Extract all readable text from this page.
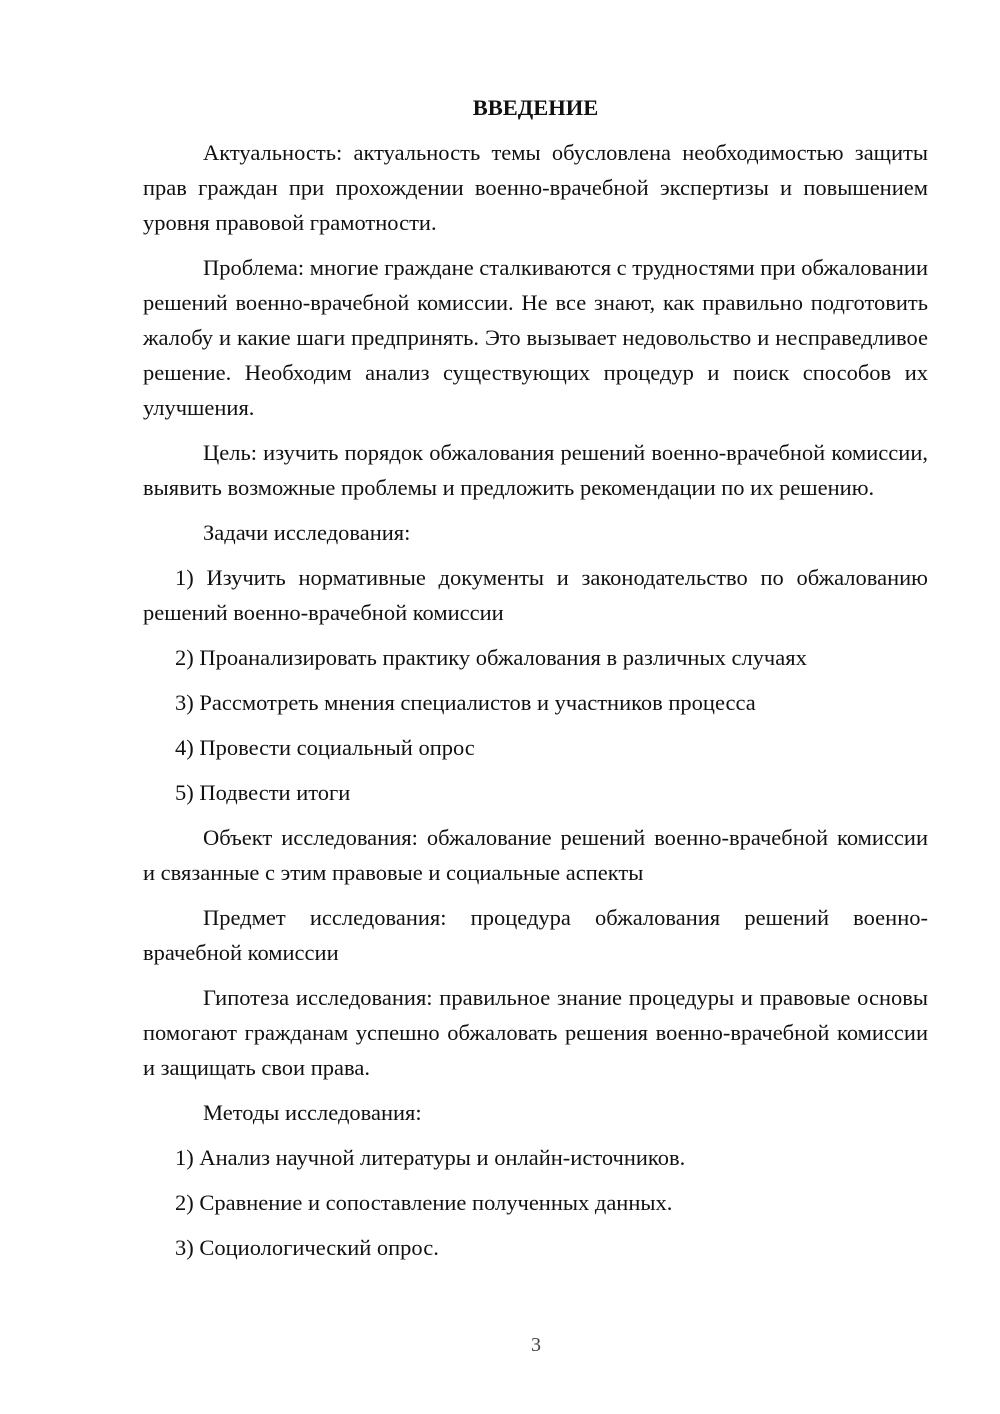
ВВЕДЕНИЕ

Актуальность: актуальность темы обусловлена необходимостью защиты прав граждан при прохождении военно-врачебной экспертизы и повышением уровня правовой грамотности.

Проблема: многие граждане сталкиваются с трудностями при обжаловании решений военно-врачебной комиссии. Не все знают, как правильно подготовить жалобу и какие шаги предпринять. Это вызывает недовольство и несправедливое решение. Необходим анализ существующих процедур и поиск способов их улучшения.

Цель: изучить порядок обжалования решений военно-врачебной комиссии, выявить возможные проблемы и предложить рекомендации по их решению.

Задачи исследования:

1) Изучить нормативные документы и законодательство по обжалованию решений военно-врачебной комиссии

2) Проанализировать практику обжалования в различных случаях

3) Рассмотреть мнения специалистов и участников процесса

4) Провести социальный опрос

5) Подвести итоги

Объект исследования: обжалование решений военно-врачебной комиссии и связанные с этим правовые и социальные аспекты

Предмет исследования: процедура обжалования решений военно-врачебной комиссии

Гипотеза исследования: правильное знание процедуры и правовые основы помогают гражданам успешно обжаловать решения военно-врачебной комиссии и защищать свои права.

Методы исследования:

1) Анализ научной литературы и онлайн-источников.

2) Сравнение и сопоставление полученных данных.

3) Социологический опрос.

3
